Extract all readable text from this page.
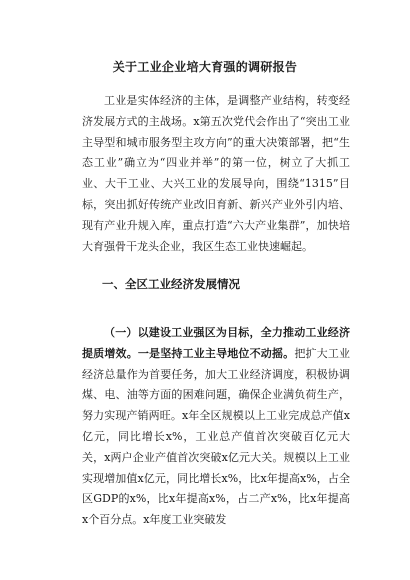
关于工业企业培大育强的调研报告

工业是实体经济的主体，是调整产业结构，转变经济发展方式的主战场。x第五次党代会作出了“突出工业主导型和城市服务型主攻方向”的重大决策部署，把“生态工业”确立为“四业并举”的第一位，树立了大抓工业、大干工业、大兴工业的发展导向，围绕“1315”目标，突出抓好传统产业改旧育新、新兴产业外引内培、现有产业升规入库，重点打造“六大产业集群”，加快培大育强骨干龙头企业，我区生态工业快速崛起。

一、全区工业经济发展情况

（一）以建设工业强区为目标，全力推动工业经济提质增效。一是坚持工业主导地位不动摇。把扩大工业经济总量作为首要任务，加大工业经济调度，积极协调煤、电、油等方面的困难问题，确保企业满负荷生产，努力实现产销两旺。x年全区规模以上工业完成总产值x亿元，同比增长x%，工业总产值首次突破百亿元大关，x两户企业产值首次突破x亿元大关。规模以上工业实现增加值x亿元，同比增长x%，比x年提高x%，占全区GDP的x%，比x年提高x%，占二产x%，比x年提高x个百分点。x年度工业突破发
